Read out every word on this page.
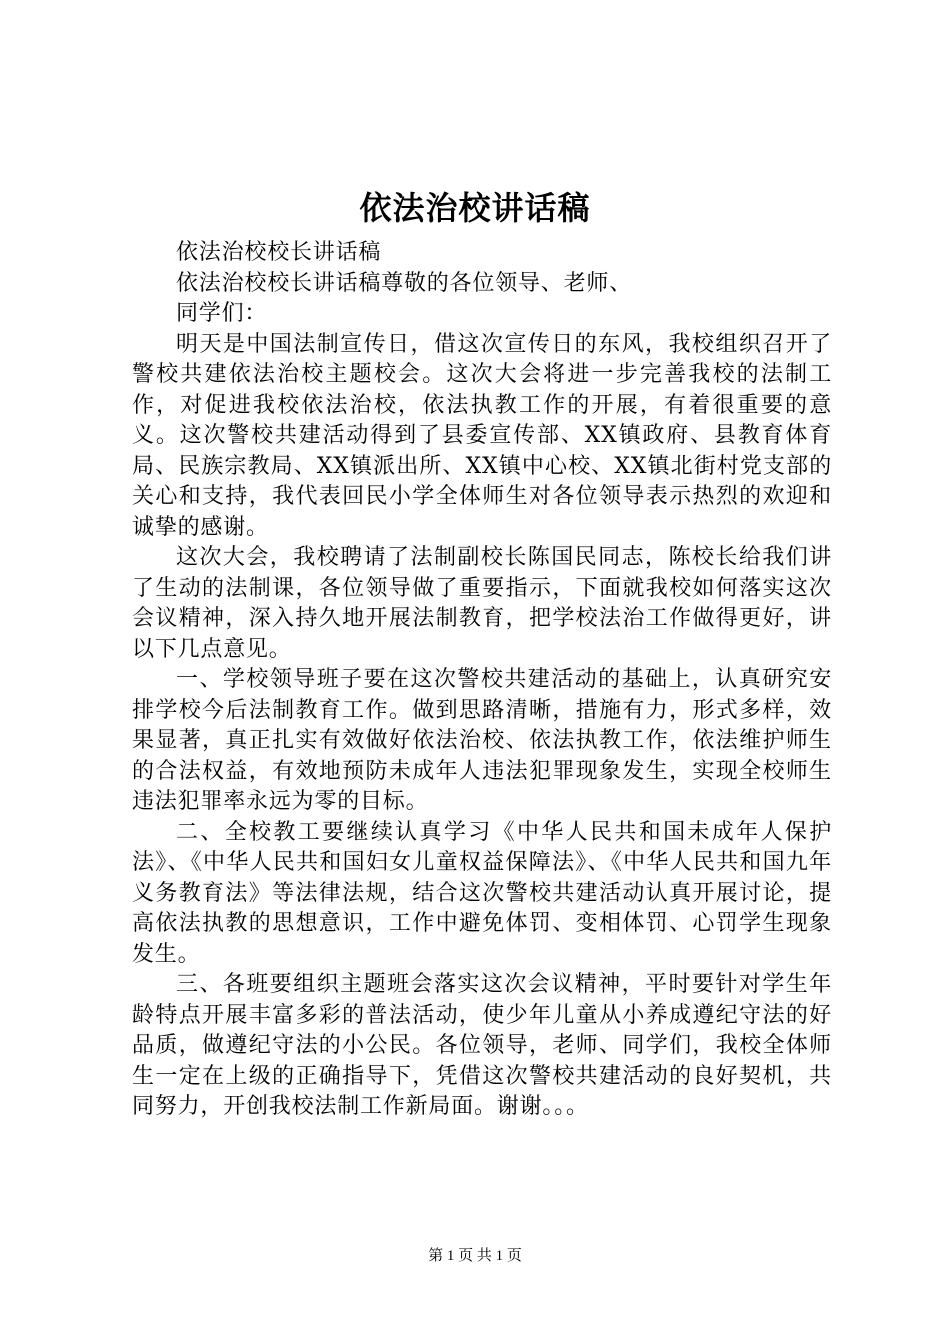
依法治校讲话稿

依法治校校长讲话稿

依法治校校长讲话稿尊敬的各位领导、老师、

同学们：

明天是中国法制宣传日，借这次宣传日的东风，我校组织召开了警校共建依法治校主题校会。这次大会将进一步完善我校的法制工作，对促进我校依法治校，依法执教工作的开展，有着很重要的意义。这次警校共建活动得到了县委宣传部、XX镇政府、县教育体育局、民族宗教局、XX镇派出所、XX镇中心校、XX镇北街村党支部的关心和支持，我代表回民小学全体师生对各位领导表示热烈的欢迎和诚挚的感谢。

这次大会，我校聘请了法制副校长陈国民同志，陈校长给我们讲了生动的法制课，各位领导做了重要指示，下面就我校如何落实这次会议精神，深入持久地开展法制教育，把学校法治工作做得更好，讲以下几点意见。

一、学校领导班子要在这次警校共建活动的基础上，认真研究安排学校今后法制教育工作。做到思路清晰，措施有力，形式多样，效果显著，真正扎实有效做好依法治校、依法执教工作，依法维护师生的合法权益，有效地预防未成年人违法犯罪现象发生，实现全校师生违法犯罪率永远为零的目标。

二、全校教工要继续认真学习《中华人民共和国未成年人保护法》、《中华人民共和国妇女儿童权益保障法》、《中华人民共和国九年义务教育法》等法律法规，结合这次警校共建活动认真开展讨论，提高依法执教的思想意识，工作中避免体罚、变相体罚、心罚学生现象发生。

三、各班要组织主题班会落实这次会议精神，平时要针对学生年龄特点开展丰富多彩的普法活动，使少年儿童从小养成遵纪守法的好品质，做遵纪守法的小公民。各位领导，老师、同学们，我校全体师生一定在上级的正确指导下，凭借这次警校共建活动的良好契机，共同努力，开创我校法制工作新局面。谢谢。。。

第 1 页 共 1 页
